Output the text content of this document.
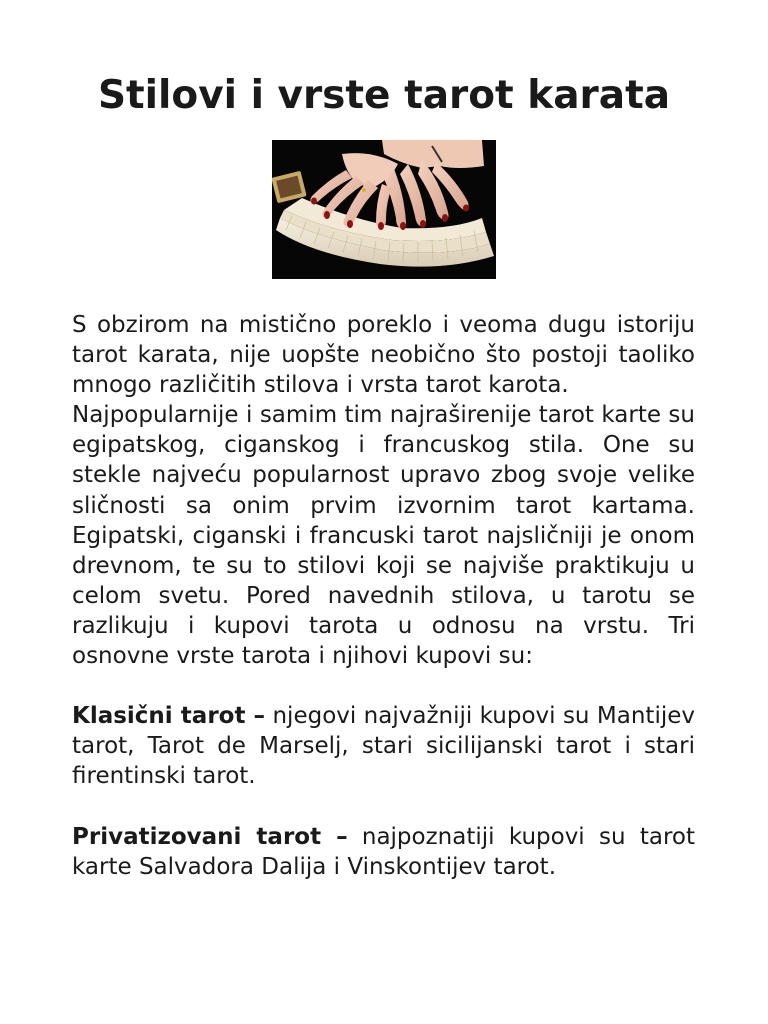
Stilovi i vrste tarot karata

S obzirom na mistično poreklo i veoma dugu istoriju tarot karata, nije uopšte neobično što postoji taoliko mnogo različitih stilova i vrsta tarot karota.

Najpopularnije i samim tim najraširenije tarot karte su egipatskog, ciganskog i francuskog stila. One su stekle najveću popularnost upravo zbog svoje velike sličnosti sa onim prvim izvornim tarot kartama. Egipatski, ciganski i francuski tarot najsličniji je onom drevnom, te su to stilovi koji se najviše praktikuju u celom svetu. Pored navednih stilova, u tarotu se razlikuju i kupovi tarota u odnosu na vrstu. Tri osnovne vrste tarota i njihovi kupovi su:

Klasični tarot – njegovi najvažniji kupovi su Mantijev tarot, Tarot de Marselj, stari sicilijanski tarot i stari firentinski tarot.

Privatizovani tarot – najpoznatiji kupovi su tarot karte Salvadora Dalija i Vinskontijev tarot.
